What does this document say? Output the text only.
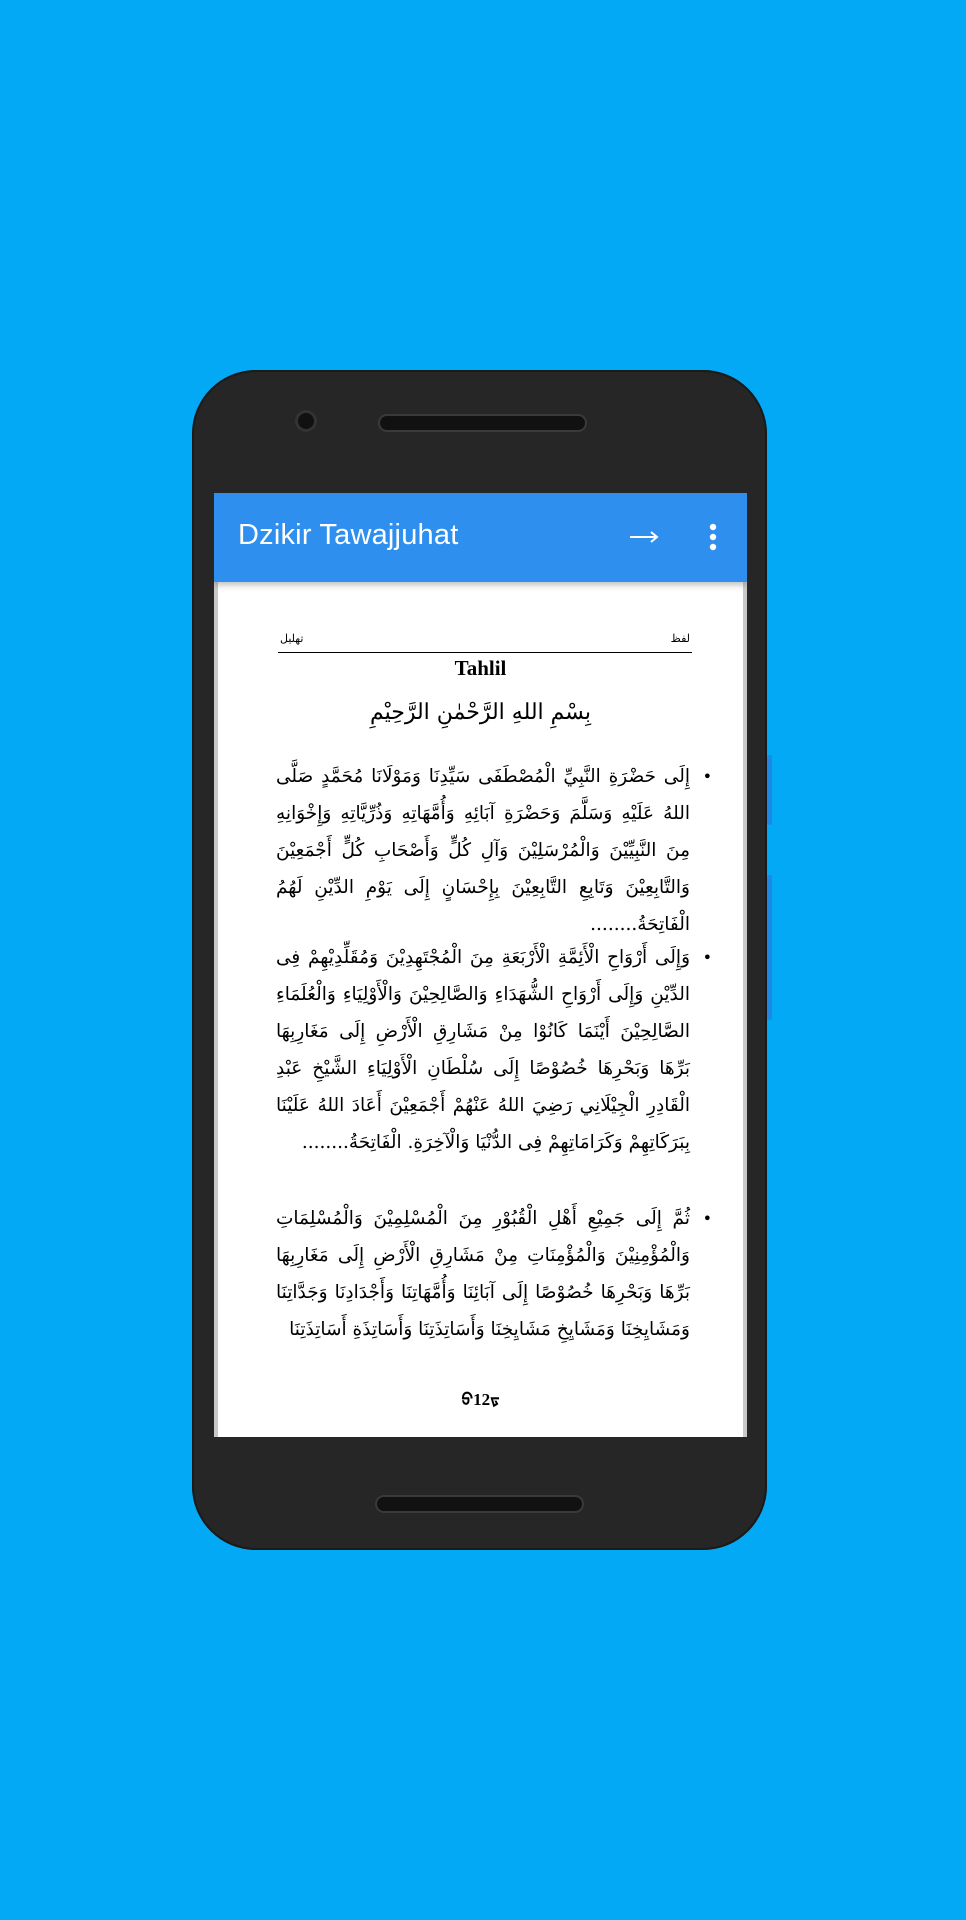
Dzikir Tawajjuhat
تهليل	لفظ
Tahlil
بِسْمِ اللهِ الرَّحْمٰنِ الرَّحِيْمِ
•
إِلَى حَضْرَةِ النَّبِيِّ الْمُصْطَفَى سَيِّدِنَا وَمَوْلَانَا مُحَمَّدٍ صَلَّى اللهُ عَلَيْهِ وَسَلَّمَ وَحَضْرَةِ آبَائِهِ وَأُمَّهَاتِهِ وَذُرِّيَّاتِهِ وَإِخْوَانِهِ مِنَ النَّبِيِّيْنَ وَالْمُرْسَلِيْنَ وَآلِ كُلٍّ وَأَصْحَابِ كُلٍّ أَجْمَعِيْنَ وَالتَّابِعِيْنَ وَتَابِعِ التَّابِعِيْنَ بِإِحْسَانٍ إِلَى يَوْمِ الدِّيْنِ لَهُمُ الْفَاتِحَةُ........
•
وَإِلَى أَرْوَاحِ الْأَئِمَّةِ الْأَرْبَعَةِ مِنَ الْمُجْتَهِدِيْنَ وَمُقَلِّدِيْهِمْ فِى الدِّيْنِ وَإِلَى أَرْوَاحِ الشُّهَدَاءِ وَالصَّالِحِيْنَ وَالْأَوْلِيَاءِ وَالْعُلَمَاءِ الصَّالِحِيْنَ أَيْنَمَا كَانُوْا مِنْ مَشَارِقِ الْأَرْضِ إِلَى مَغَارِبِهَا بَرِّهَا وَبَحْرِهَا خُصُوْصًا إِلَى سُلْطَانِ الْأَوْلِيَاءِ الشَّيْخِ عَبْدِ الْقَادِرِ الْجِيْلَانِي رَضِيَ اللهُ عَنْهُمْ أَجْمَعِيْنَ أَعَادَ اللهُ عَلَيْنَا بِبَرَكَاتِهِمْ وَكَرَامَاتِهِمْ فِى الدُّنْيَا وَالْآخِرَةِ. الْفَاتِحَةُ........
•
ثُمَّ إِلَى جَمِيْعِ أَهْلِ الْقُبُوْرِ مِنَ الْمُسْلِمِيْنَ وَالْمُسْلِمَاتِ وَالْمُؤْمِنِيْنَ وَالْمُؤْمِنَاتِ مِنْ مَشَارِقِ الْأَرْضِ إِلَى مَغَارِبِهَا بَرِّهَا وَبَحْرِهَا خُصُوْصًا إِلَى آبَائِنَا وَأُمَّهَاتِنَا وَأَجْدَادِنَا وَجَدَّاتِنَا وَمَشَايِخِنَا وَمَشَايِخِ مَشَايِخِنَا وَأَسَاتِذَتِنَا وَأَسَاتِذَةِ أَسَاتِذَتِنَا
ᢒ12ᢑ
